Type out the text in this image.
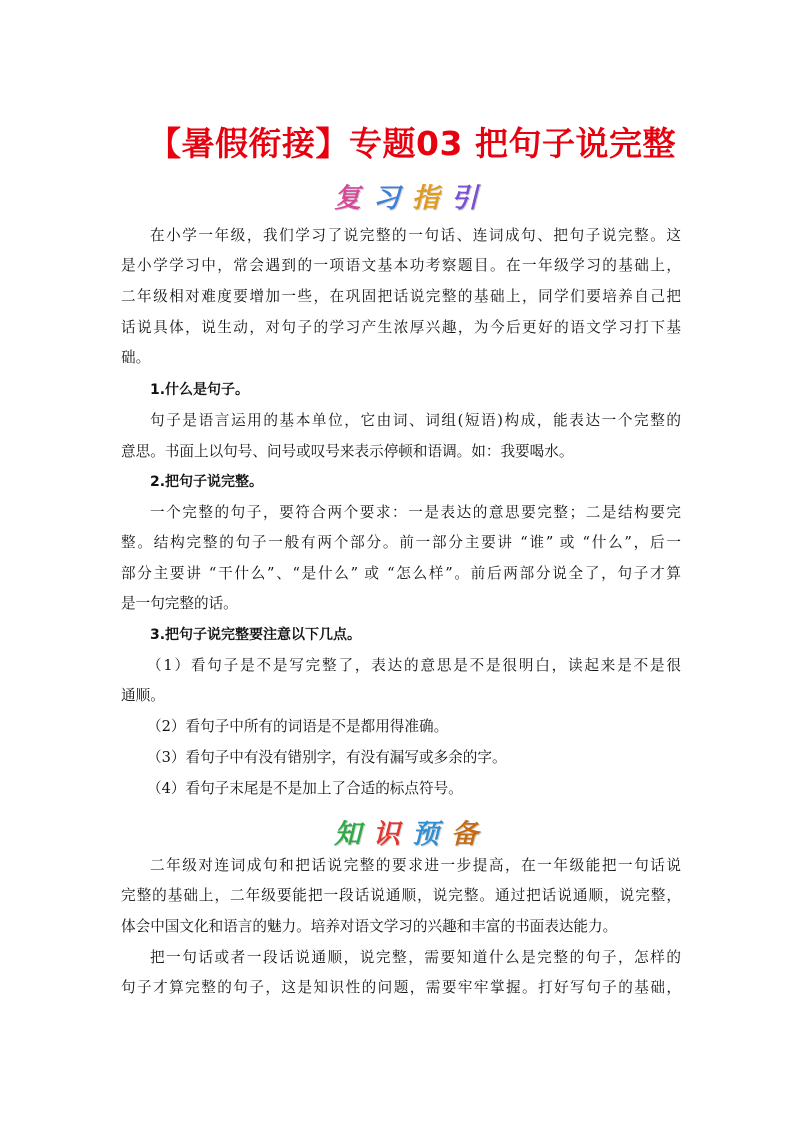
【暑假衔接】专题03 把句子说完整
复习指引

在小学一年级，我们学习了说完整的一句话、连词成句、把句子说完整。这

是小学学习中，常会遇到的一项语文基本功考察题目。在一年级学习的基础上，

二年级相对难度要增加一些，在巩固把话说完整的基础上，同学们要培养自己把

话说具体，说生动，对句子的学习产生浓厚兴趣，为今后更好的语文学习打下基

础。

1.什么是句子。

句子是语言运用的基本单位，它由词、词组(短语)构成，能表达一个完整的

意思。书面上以句号、问号或叹号来表示停顿和语调。如：我要喝水。

2.把句子说完整。

一个完整的句子，要符合两个要求：一是表达的意思要完整；二是结构要完

整。结构完整的句子一般有两个部分。前一部分主要讲 “谁” 或 “什么”，后一

部分主要讲 “干什么”、“是什么” 或 “怎么样”。前后两部分说全了，句子才算

是一句完整的话。

3.把句子说完整要注意以下几点。

（1）看句子是不是写完整了，表达的意思是不是很明白，读起来是不是很

通顺。

（2）看句子中所有的词语是不是都用得准确。

（3）看句子中有没有错别字，有没有漏写或多余的字。

（4）看句子末尾是不是加上了合适的标点符号。

知识预备

二年级对连词成句和把话说完整的要求进一步提高，在一年级能把一句话说

完整的基础上，二年级要能把一段话说通顺，说完整。通过把话说通顺，说完整，

体会中国文化和语言的魅力。培养对语文学习的兴趣和丰富的书面表达能力。

把一句话或者一段话说通顺，说完整，需要知道什么是完整的句子，怎样的

句子才算完整的句子，这是知识性的问题，需要牢牢掌握。打好写句子的基础，
